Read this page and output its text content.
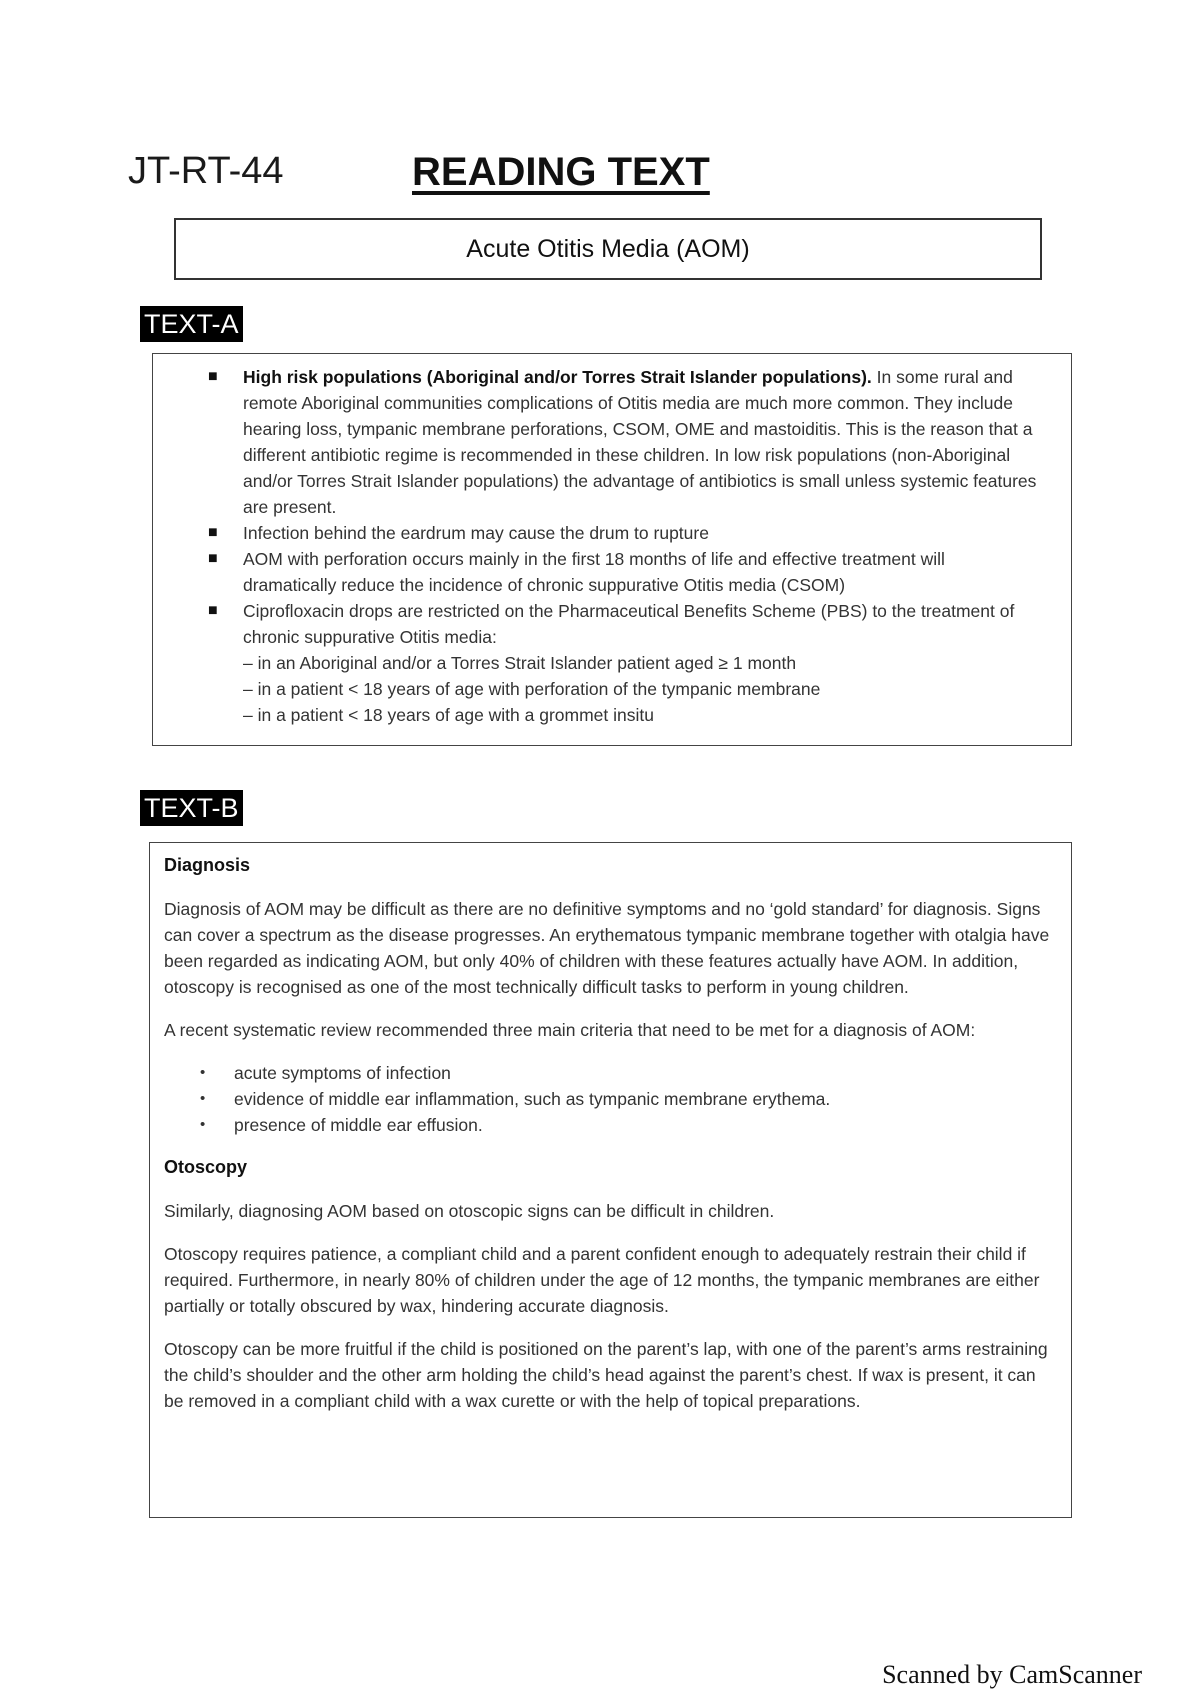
JT-RT-44	READING TEXT
Acute Otitis Media (AOM)
TEXT-A
■ High risk populations (Aboriginal and/or Torres Strait Islander populations). In some rural and remote Aboriginal communities complications of Otitis media are much more common. They include hearing loss, tympanic membrane perforations, CSOM, OME and mastoiditis. This is the reason that a different antibiotic regime is recommended in these children. In low risk populations (non-Aboriginal and/or Torres Strait Islander populations) the advantage of antibiotics is small unless systemic features are present.
■ Infection behind the eardrum may cause the drum to rupture
■ AOM with perforation occurs mainly in the first 18 months of life and effective treatment will dramatically reduce the incidence of chronic suppurative Otitis media (CSOM)
■ Ciprofloxacin drops are restricted on the Pharmaceutical Benefits Scheme (PBS) to the treatment of chronic suppurative Otitis media:
– in an Aboriginal and/or a Torres Strait Islander patient aged ≥ 1 month
– in a patient < 18 years of age with perforation of the tympanic membrane
– in a patient < 18 years of age with a grommet insitu
TEXT-B
Diagnosis

Diagnosis of AOM may be difficult as there are no definitive symptoms and no ‘gold standard’ for diagnosis. Signs can cover a spectrum as the disease progresses. An erythematous tympanic membrane together with otalgia have been regarded as indicating AOM, but only 40% of children with these features actually have AOM. In addition, otoscopy is recognised as one of the most technically difficult tasks to perform in young children.

A recent systematic review recommended three main criteria that need to be met for a diagnosis of AOM:

• acute symptoms of infection
• evidence of middle ear inflammation, such as tympanic membrane erythema.
• presence of middle ear effusion.
Otoscopy

Similarly, diagnosing AOM based on otoscopic signs can be difficult in children.

Otoscopy requires patience, a compliant child and a parent confident enough to adequately restrain their child if required. Furthermore, in nearly 80% of children under the age of 12 months, the tympanic membranes are either partially or totally obscured by wax, hindering accurate diagnosis.

Otoscopy can be more fruitful if the child is positioned on the parent’s lap, with one of the parent’s arms restraining the child’s shoulder and the other arm holding the child’s head against the parent’s chest. If wax is present, it can be removed in a compliant child with a wax curette or with the help of topical preparations.

Scanned by CamScanner
